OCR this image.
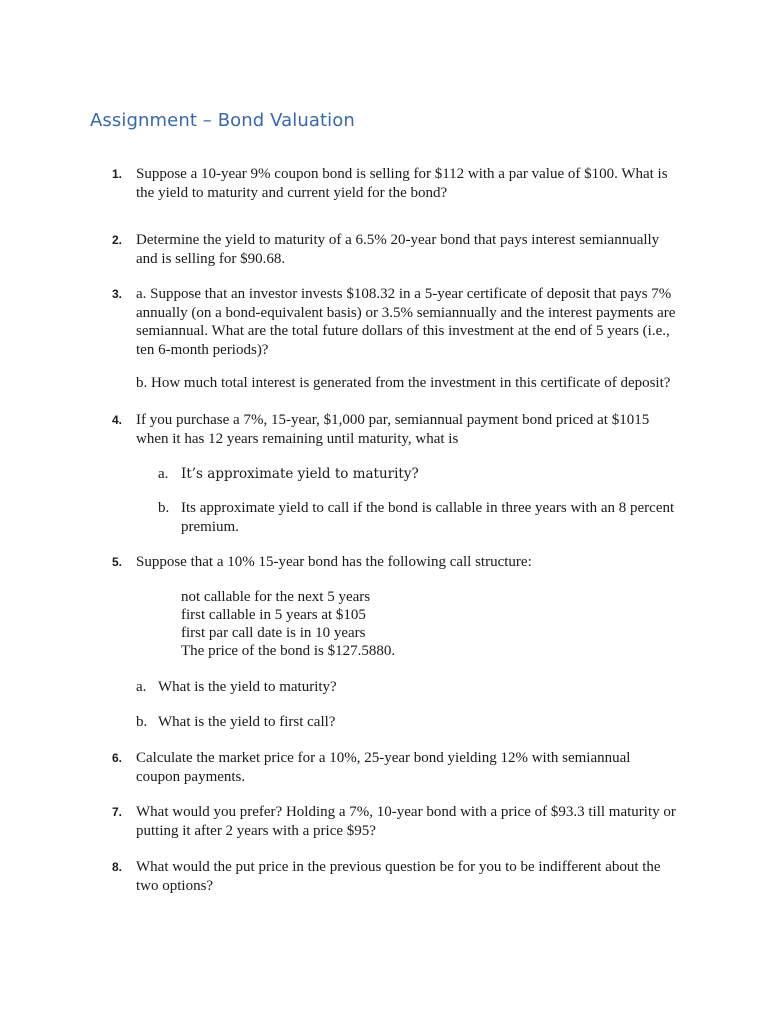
Assignment – Bond Valuation
1. Suppose a 10-year 9% coupon bond is selling for $112 with a par value of $100. What is the yield to maturity and current yield for the bond?
2. Determine the yield to maturity of a 6.5% 20-year bond that pays interest semiannually and is selling for $90.68.
3. a. Suppose that an investor invests $108.32 in a 5-year certificate of deposit that pays 7% annually (on a bond-equivalent basis) or 3.5% semiannually and the interest payments are semiannual. What are the total future dollars of this investment at the end of 5 years (i.e., ten 6-month periods)?
b. How much total interest is generated from the investment in this certificate of deposit?
4. If you purchase a 7%, 15-year, $1,000 par, semiannual payment bond priced at $1015 when it has 12 years remaining until maturity, what is
a. It’s approximate yield to maturity?
b. Its approximate yield to call if the bond is callable in three years with an 8 percent premium.
5. Suppose that a 10% 15-year bond has the following call structure:
not callable for the next 5 years
first callable in 5 years at $105
first par call date is in 10 years
The price of the bond is $127.5880.
a. What is the yield to maturity?
b. What is the yield to first call?
6. Calculate the market price for a 10%, 25-year bond yielding 12% with semiannual coupon payments.
7. What would you prefer? Holding a 7%, 10-year bond with a price of $93.3 till maturity or putting it after 2 years with a price $95?
8. What would the put price in the previous question be for you to be indifferent about the two options?
